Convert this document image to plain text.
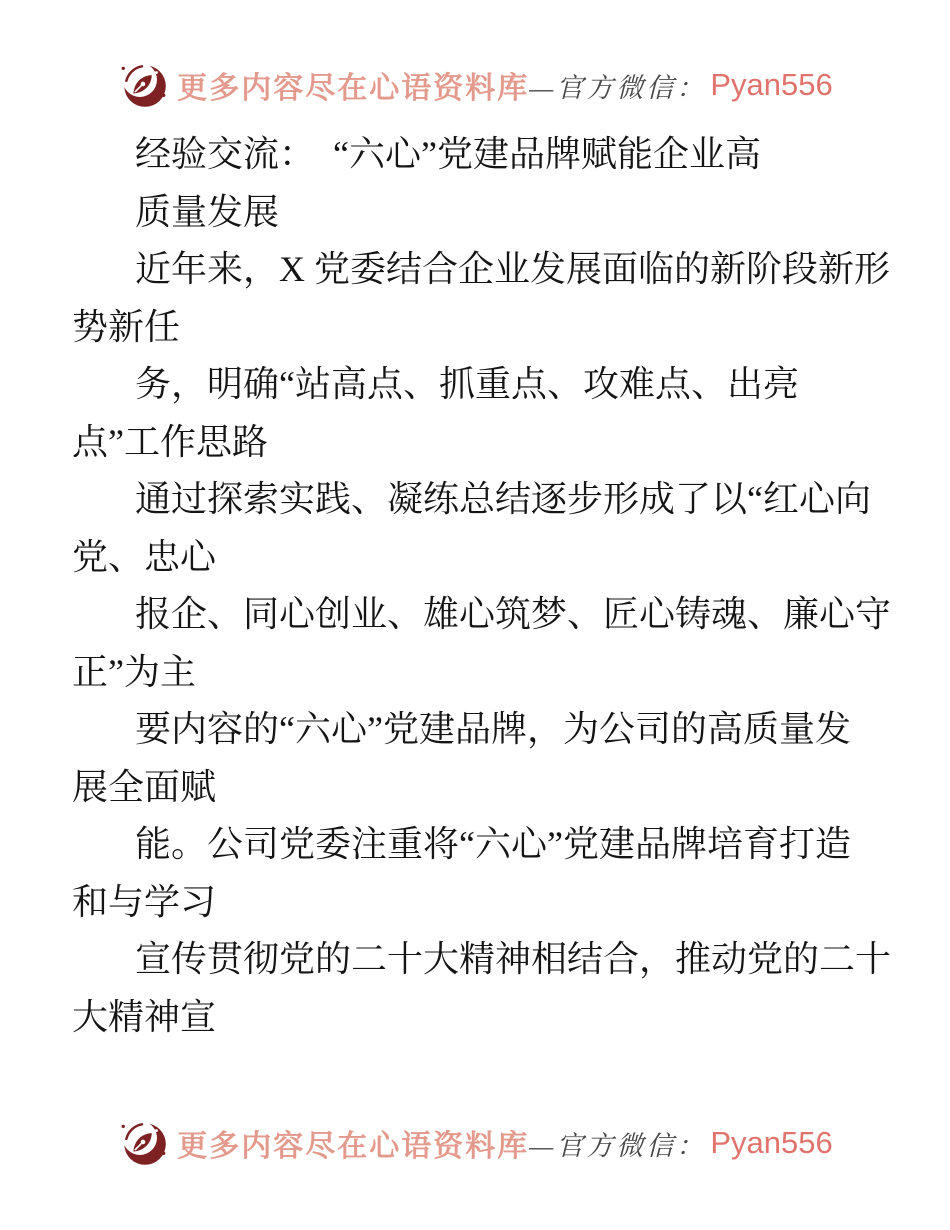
更多内容尽在心语资料库 —官方微信： Pyan556
经验交流：　“六心”党建品牌赋能企业高
质量发展
近年来，X 党委结合企业发展面临的新阶段新形
势新任
务，明确“站高点、抓重点、攻难点、出亮
点”工作思路
通过探索实践、凝练总结逐步形成了以“红心向
党、忠心
报企、同心创业、雄心筑梦、匠心铸魂、廉心守
正”为主
要内容的“六心”党建品牌，为公司的高质量发
展全面赋
能。公司党委注重将“六心”党建品牌培育打造
和与学习
宣传贯彻党的二十大精神相结合，推动党的二十
大精神宣
更多内容尽在心语资料库 —官方微信： Pyan556
